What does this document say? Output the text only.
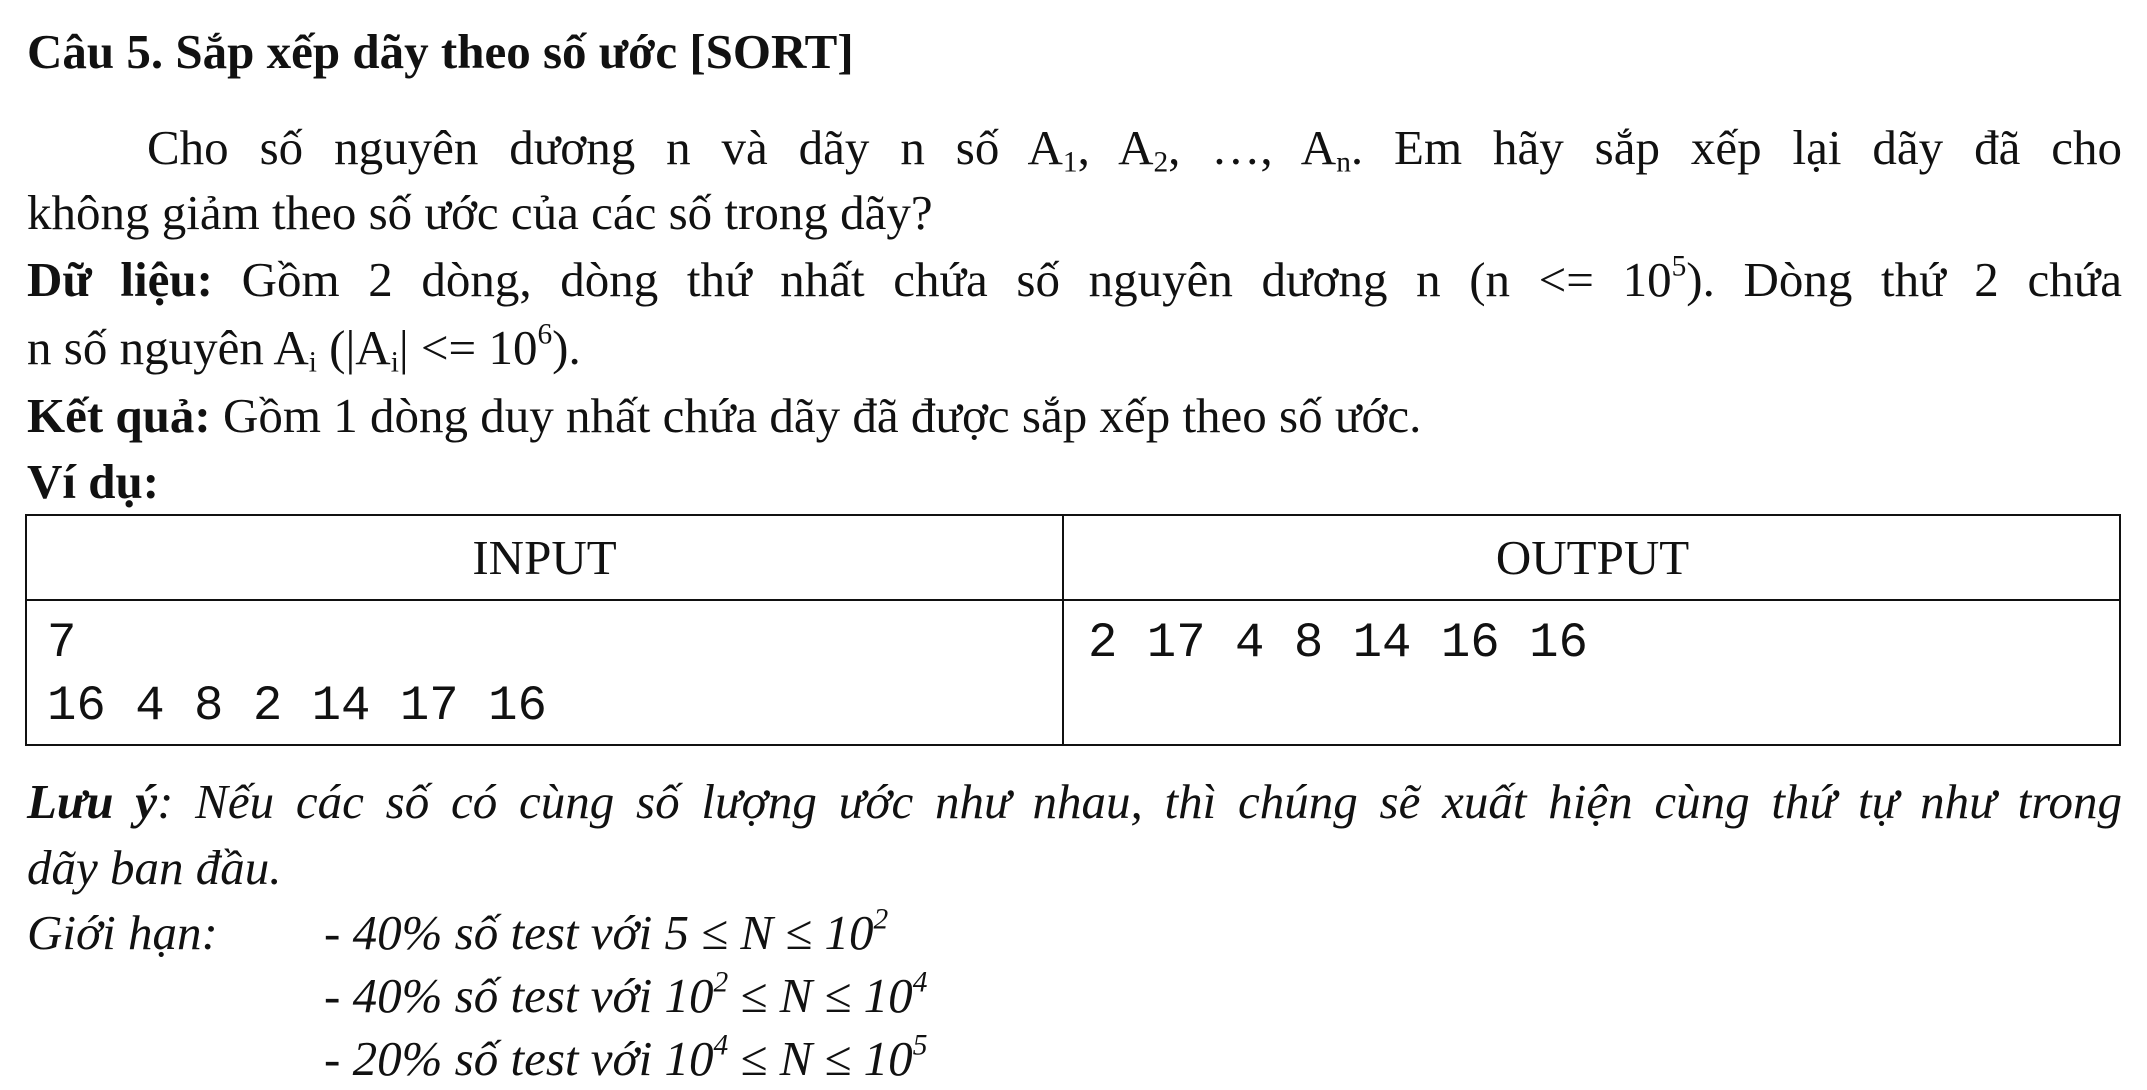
Câu 5. Sắp xếp dãy theo số ước [SORT]
Cho số nguyên dương n và dãy n số $A_1$, $A_2$, …, $A_n$. Em hãy sắp xếp lại dãy đã cho
không giảm theo số ước của các số trong dãy?
Dữ liệu: Gồm 2 dòng, dòng thứ nhất chứa số nguyên dương n $(n <= 10^5)$. Dòng thứ 2 chứa
n số nguyên $A_i$ $(|A_i| <= 10^6)$.
Kết quả: Gồm 1 dòng duy nhất chứa dãy đã được sắp xếp theo số ước.
Ví dụ:
Lưu ý: Nếu các số có cùng số lượng ước như nhau, thì chúng sẽ xuất hiện cùng thứ tự như trong
dãy ban đầu.
Giới hạn: - 40% số test với $5 \le N \le 10^2$
- 40% số test với $10^2 \le N \le 10^4$
- 20% số test với $10^4 \le N \le 10^5$
INPUT	OUTPUT
7
16 4 8 2 14 17 16
2 17 4 8 14 16 16
